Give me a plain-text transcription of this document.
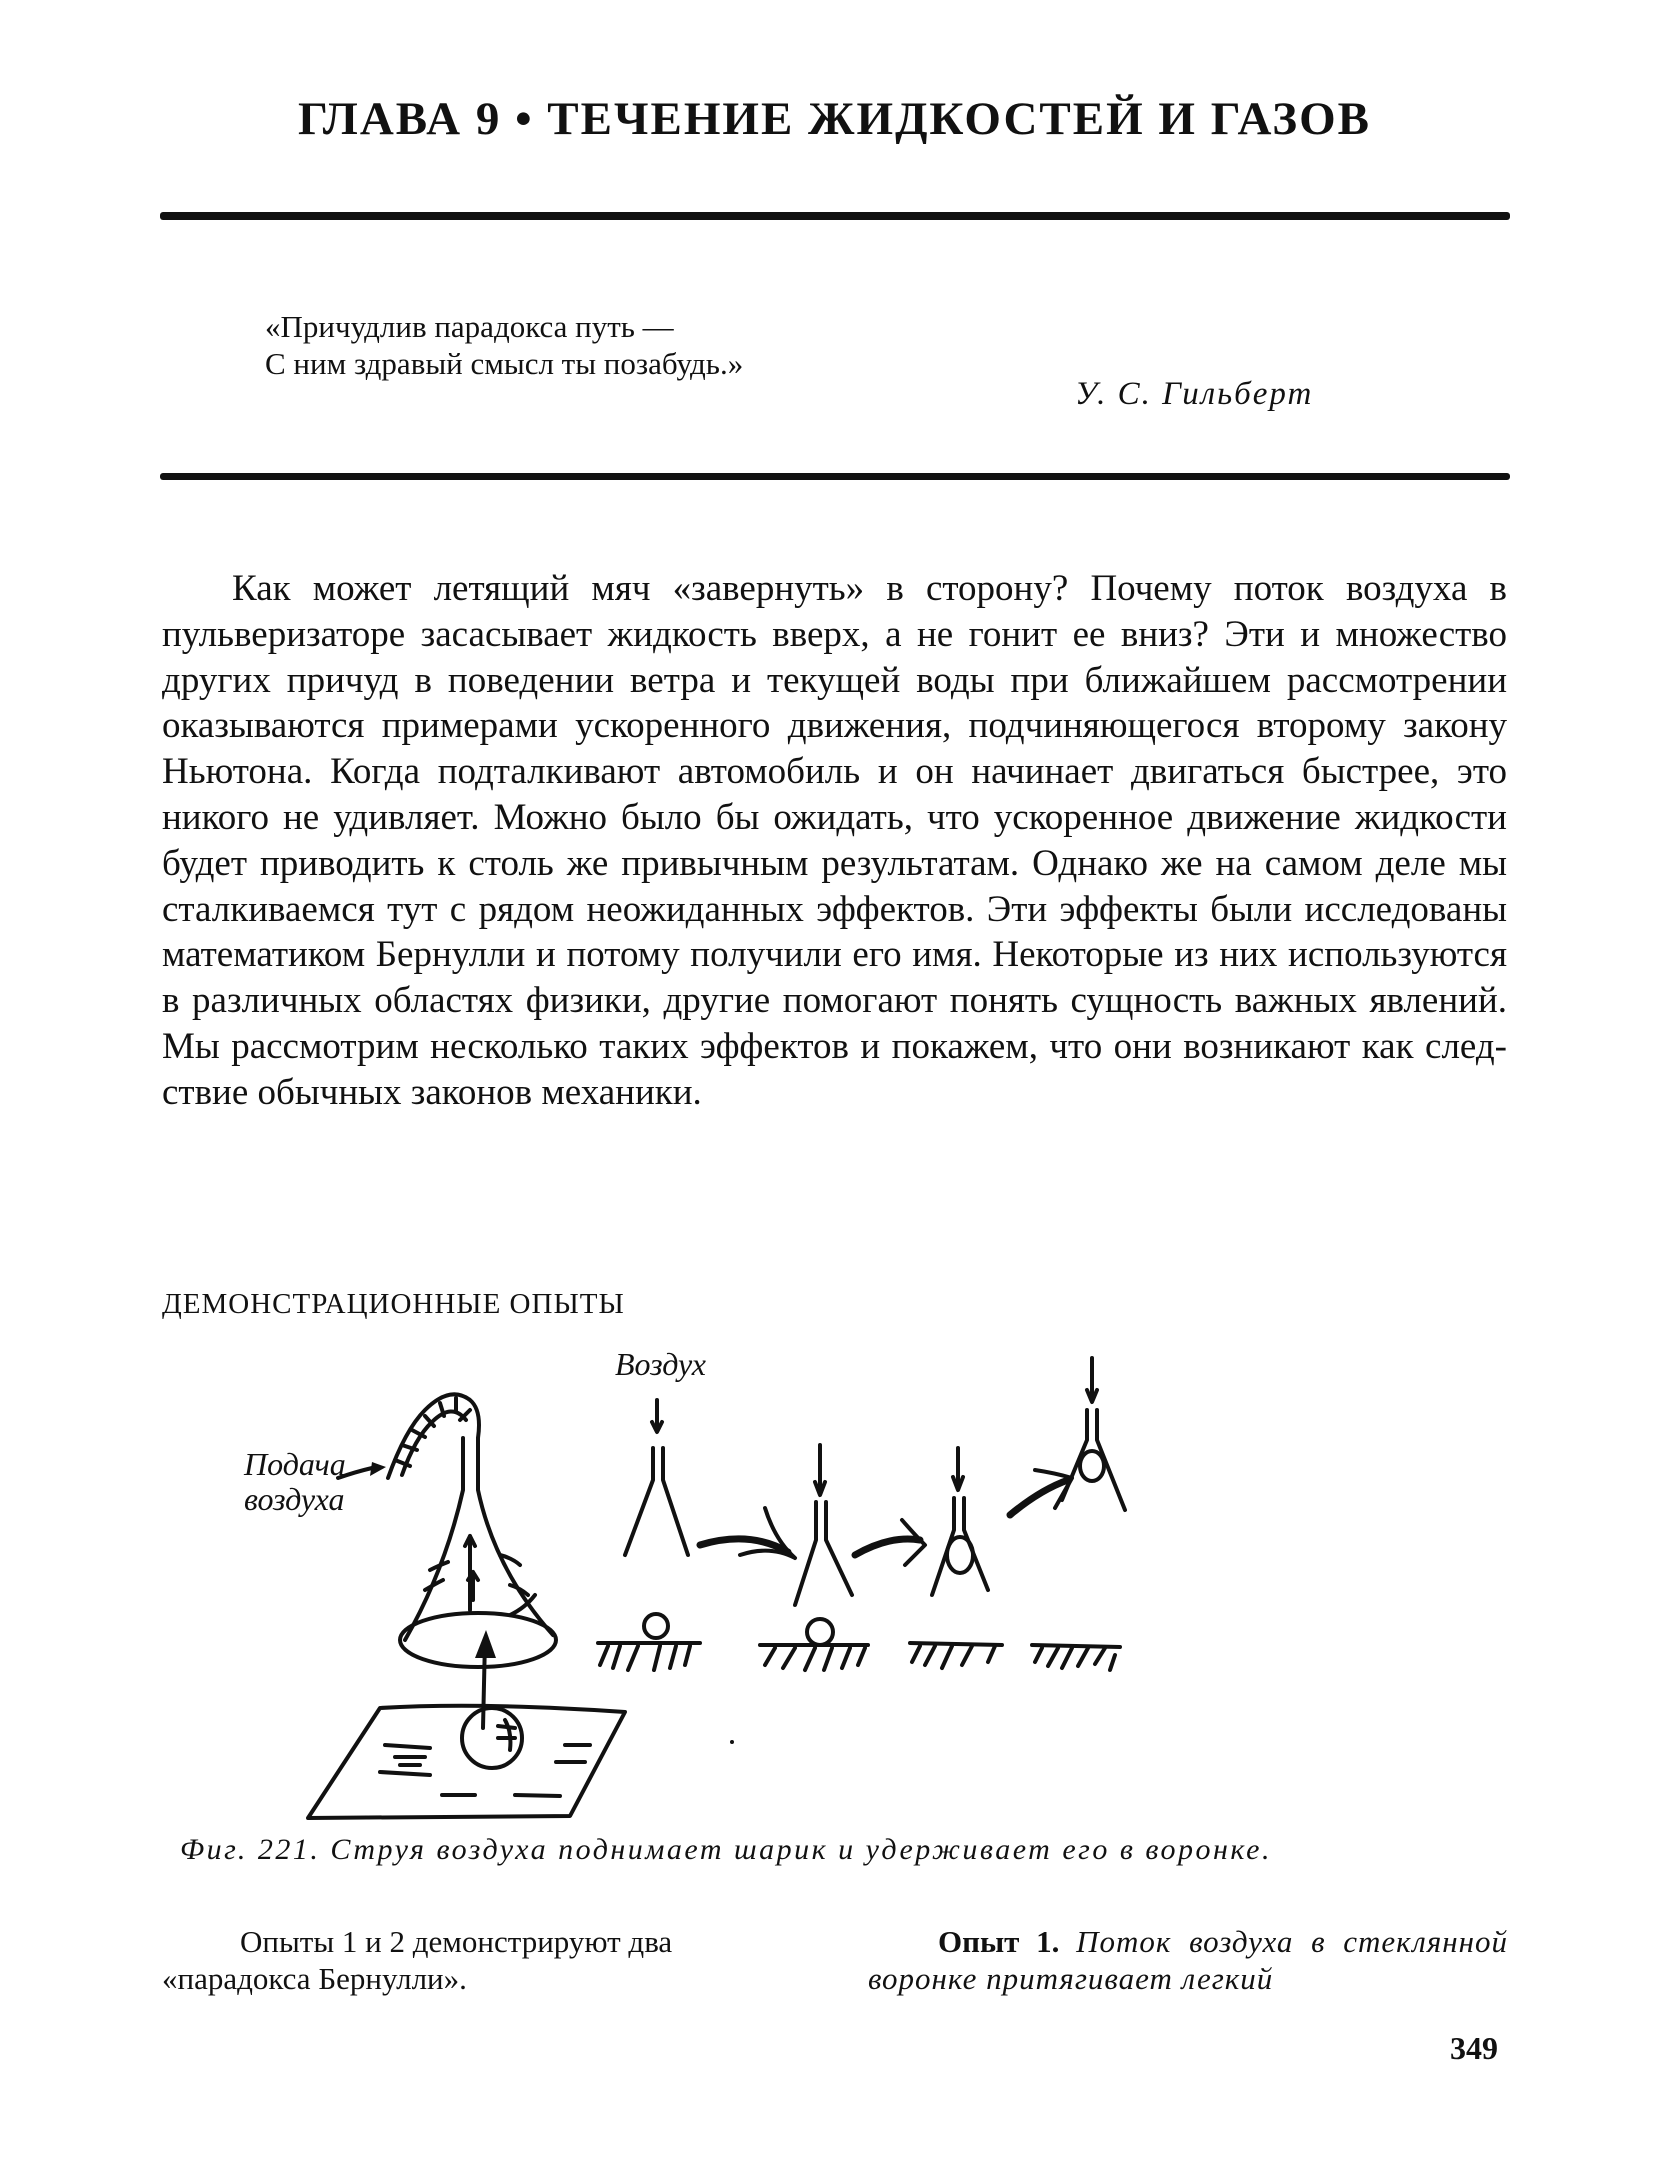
ГЛАВА 9 • ТЕЧЕНИЕ ЖИДКОСТЕЙ И ГАЗОВ
«Причудлив парадокса путь —
С ним здравый смысл ты позабудь.»
У. С. Гильберт
Как может летящий мяч «завернуть» в сторону? Почему поток воздуха в пульверизаторе засасывает жидкость вверх, а не гонит ее вниз? Эти и множество других причуд в поведении ветра и текущей воды при ближайшем рассмотрении оказываются примерами ускоренного движения, подчиняющегося второму закону Ньютона. Когда подталкивают автомобиль и он начинает двигаться быстрее, это никого не удивляет. Можно было бы ожидать, что ускоренное движение жидкости будет приводить к столь же привычным результатам. Однако же на самом деле мы сталкиваемся тут с рядом неожиданных эффектов. Эти эффекты были исследованы математиком Бернулли и потому получили его имя. Некоторые из них используются в различных областях физики, другие помогают понять сущность важных явлений. Мы рассмотрим несколько таких эффектов и покажем, что они возникают как следствие обычных законов механики.
ДЕМОНСТРАЦИОННЫЕ ОПЫТЫ
Подача
воздуха
Воздух
Фиг. 221. Струя воздуха поднимает шарик и удерживает его в воронке.
Опыты 1 и 2 демонстрируют два «парадокса Бернулли».
Опыт 1. Поток воздуха в стеклянной воронке притягивает легкий
349
